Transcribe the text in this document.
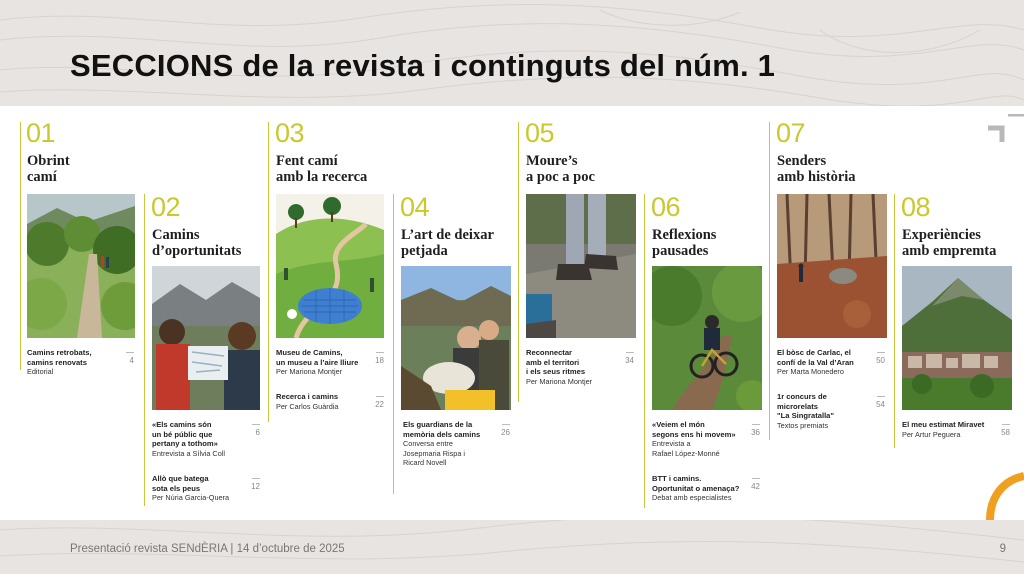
SECCIONS de la revista i continguts del núm. 1
01
Obrint
camí
Camins retrobats,
camins renovats
Editorial
4
02
Camins
d’oportunitats
«Els camins són
un bé públic que
pertany a tothom»
Entrevista a Sílvia Coll
6
Allò que batega
sota els peus
Per Núria Garcia-Quera
12
03
Fent camí
amb la recerca
Museu de Camins,
un museu a l’aire lliure
Per Mariona Montjer
18
Recerca i camins
Per Carlos Guàrdia	22
04
L’art de deixar
petjada
Els guardians de la
memòria dels camins
Conversa entre
Josepmaria Rispa i
Ricard Novell
26
05
Moure’s
a poc a poc
Reconnectar
amb el territori
i els seus ritmes
Per Mariona Montjer
34
06
Reflexions
pausades
«Veiem el món
segons ens hi movem»
Entrevista a
Rafael López-Monné
36
BTT i camins.
Oportunitat o amenaça?
Debat amb especialistes
42
07
Senders
amb història
El bòsc de Carlac, el
confí de la Val d’Aran
Per Marta Monedero
50
1r concurs de
microrelats
"La Singratalla"
Textos premiats
54
08
Experiències
amb empremta
El meu estimat Miravet
Per Artur Peguera	58
Presentació revista SENdÈRIA | 14 d’octubre de 2025	9
